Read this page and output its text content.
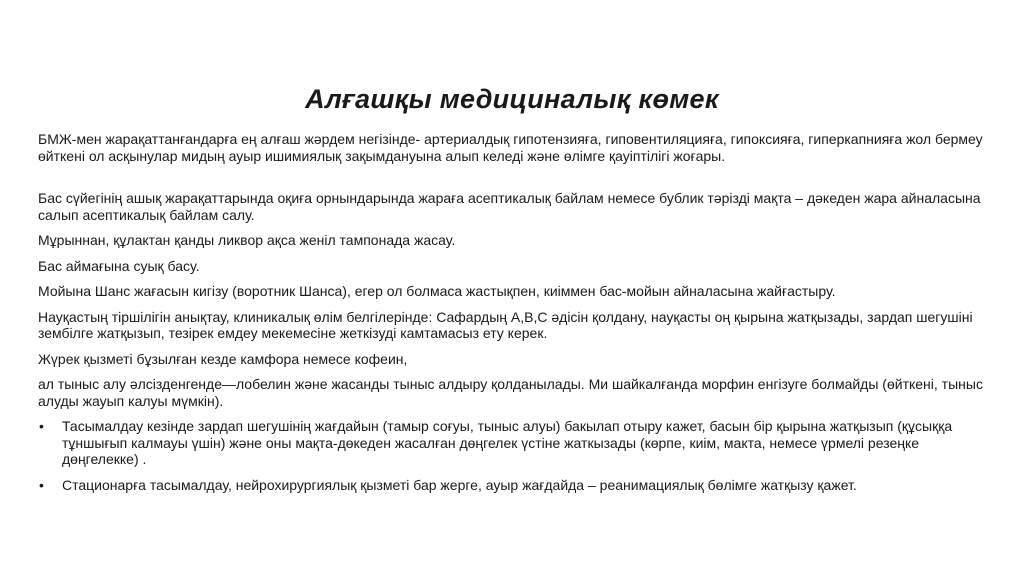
Алғашқы медициналық көмек

БМЖ-мен жарақаттанғандарға ең алғаш жәрдем негізінде- артериалдық гипотензияға, гиповентиляцияға, гипоксияға, гиперкапнияға жол бермеу өйткені ол асқынулар мидың ауыр ишимиялық зақымдануына алып келеді және өлімге қауіптілігі жоғары.

Бас сүйегінің ашық жарақаттарында оқиға орнындарында жараға асептикалық байлам немесе бублик тәрізді мақта – дәкеден жара айналасына салып асептикалық байлам салу.

Мұрыннан, құлактан қанды ликвор ақса женіл тампонада жасау.

Бас аймағына суық басу.

Мойына Шанс жағасын кигізу (воротник Шанса), егер ол болмаса жастықпен, киіммен бас-мойын айналасына жайғастыру.

Науқастың тіршілігін анықтау, клиникалық өлім белгілерінде: Сафардың А,В,С әдісін қолдану, науқасты оң қырына жатқызады, зардап шегушіні зембілге жатқызып, тезірек емдеу мекемесіне жеткізуді камтамасыз ету керек.

Жүрек қызметі бұзылған кезде камфора немесе кофеин,

ал тыныс алу әлсізденгенде—лобелин және жасанды тыныс алдыру қолданылады. Ми шайкалғанда морфин енгізуге болмайды (өйткені, тыныс алуды жауып калуы мүмкін).

• Тасымалдау кезінде зардап шегушінің жағдайын (тамыр соғуы, тыныс алуы) бакылап отыру кажет, басын бір қырына жатқызып (құсыққа тұншығып калмауы үшін) және оны мақта-дөкеден жасалған дөңгелек үстіне жаткызады (көрпе, киім, макта, немесе үрмелі резеңке дөңгелекке) .
• Стационарға тасымалдау, нейрохирургиялық қызметі бар жерге, ауыр жағдайда – реанимациялық бөлімге жатқызу қажет.
